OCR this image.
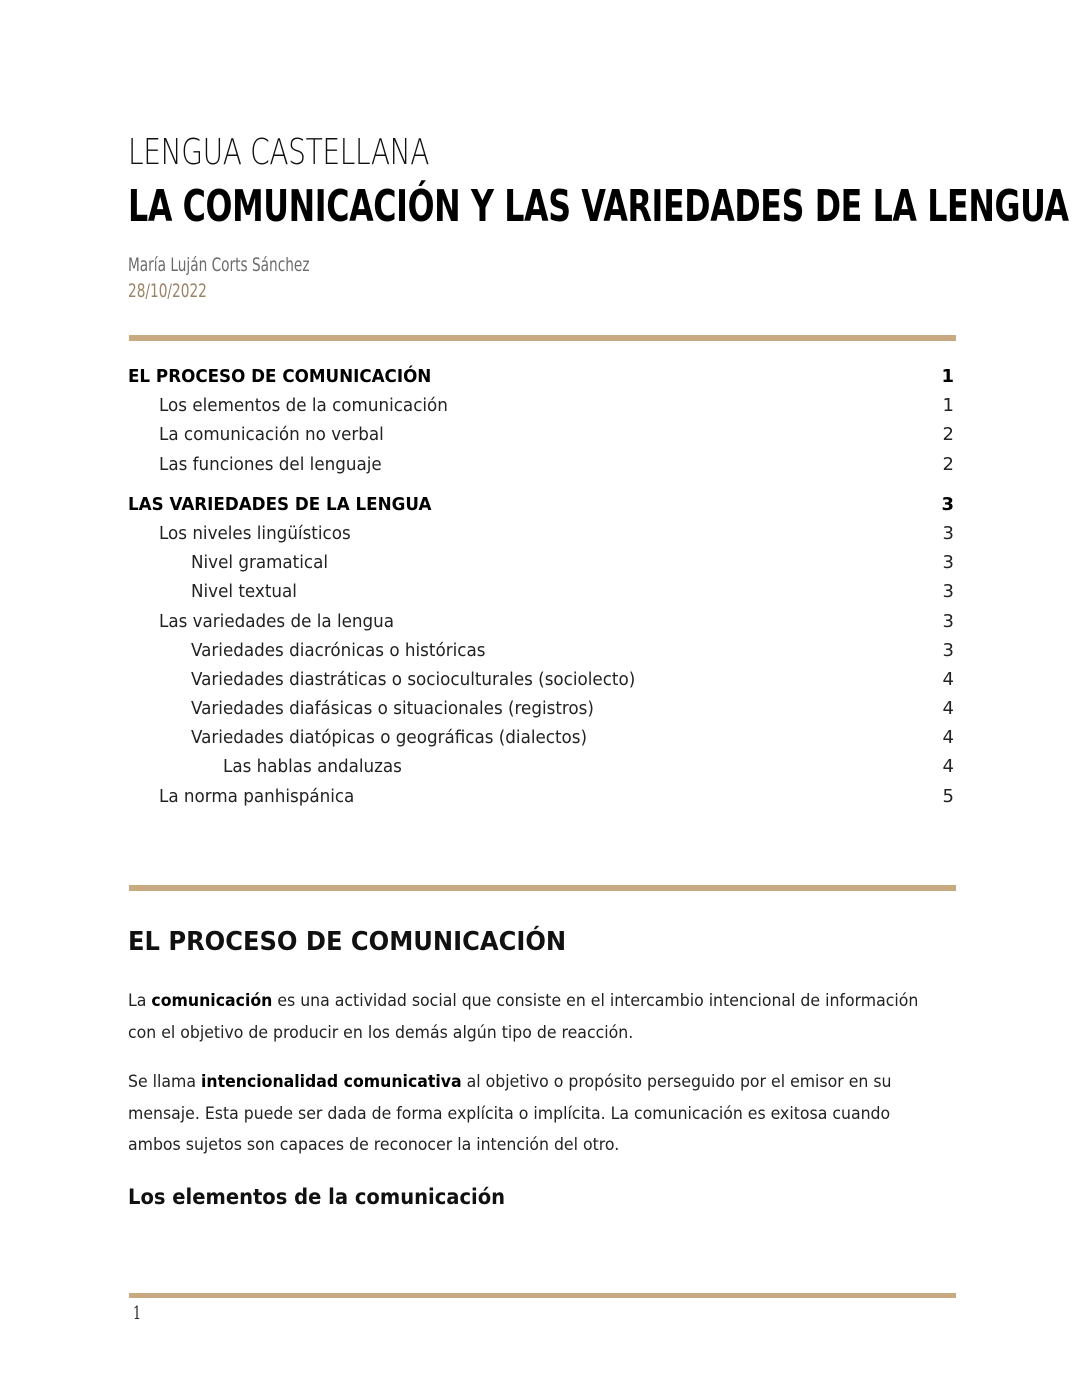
LENGUA CASTELLANA
LA COMUNICACIÓN Y LAS VARIEDADES DE LA LENGUA
María Luján Corts Sánchez
28/10/2022
EL PROCESO DE COMUNICACIÓN	1
Los elementos de la comunicación	1
La comunicación no verbal	2
Las funciones del lenguaje	2
LAS VARIEDADES DE LA LENGUA	3
Los niveles lingüísticos	3
Nivel gramatical	3
Nivel textual	3
Las variedades de la lengua	3
Variedades diacrónicas o históricas	3
Variedades diastráticas o socioculturales (sociolecto)	4
Variedades diafásicas o situacionales (registros)	4
Variedades diatópicas o geográficas (dialectos)	4
Las hablas andaluzas	4
La norma panhispánica	5
EL PROCESO DE COMUNICACIÓN
La comunicación es una actividad social que consiste en el intercambio intencional de información con el objetivo de producir en los demás algún tipo de reacción.
Se llama intencionalidad comunicativa al objetivo o propósito perseguido por el emisor en su mensaje. Esta puede ser dada de forma explícita o implícita. La comunicación es exitosa cuando ambos sujetos son capaces de reconocer la intención del otro.
Los elementos de la comunicación
1
